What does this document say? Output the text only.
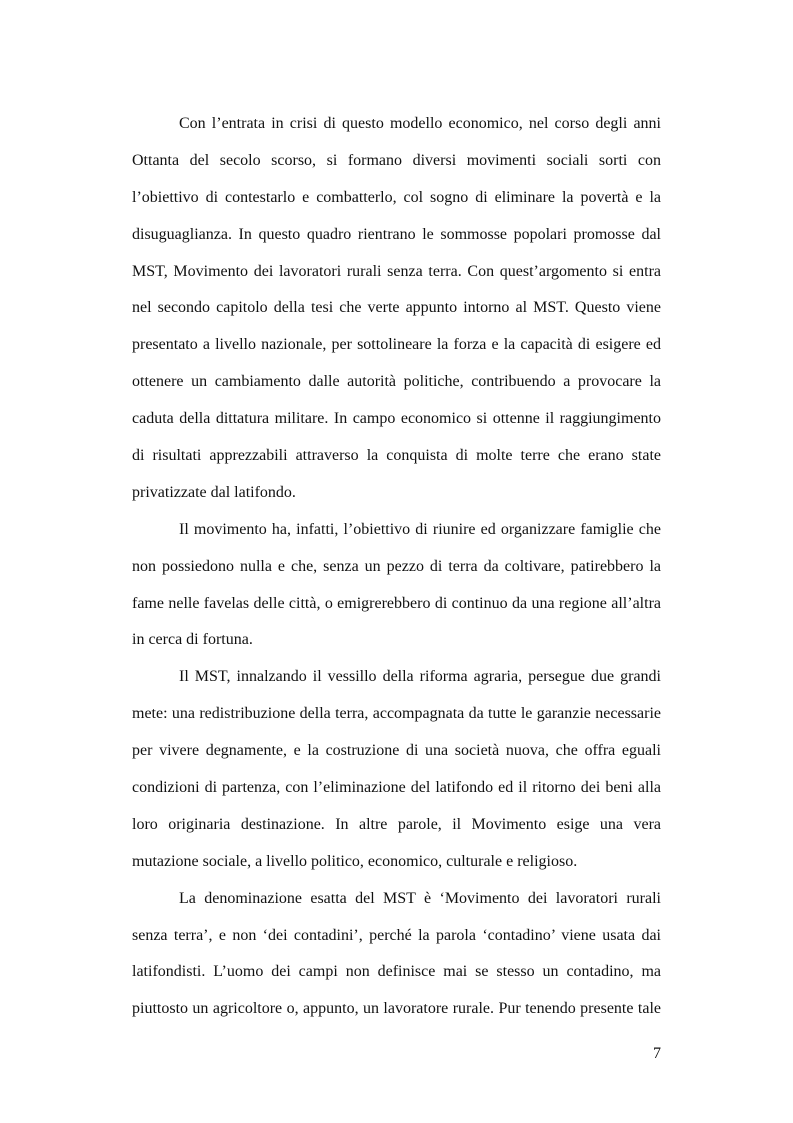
Con l’entrata in crisi di questo modello economico, nel corso degli anni
Ottanta del secolo scorso, si formano diversi movimenti sociali sorti con
l’obiettivo di contestarlo e combatterlo, col sogno di eliminare la povertà e la
disuguaglianza. In questo quadro rientrano le sommosse popolari promosse dal
MST, Movimento dei lavoratori rurali senza terra. Con quest’argomento si entra
nel secondo capitolo della tesi che verte appunto intorno al MST. Questo viene
presentato a livello nazionale, per sottolineare la forza e la capacità di esigere ed
ottenere un cambiamento dalle autorità politiche, contribuendo a provocare la
caduta della dittatura militare. In campo economico si ottenne il raggiungimento
di risultati apprezzabili attraverso la conquista di molte terre che erano state
privatizzate dal latifondo.
Il movimento ha, infatti, l’obiettivo di riunire ed organizzare famiglie che
non possiedono nulla e che, senza un pezzo di terra da coltivare, patirebbero la
fame nelle favelas delle città, o emigrerebbero di continuo da una regione all’altra
in cerca di fortuna.
Il MST, innalzando il vessillo della riforma agraria, persegue due grandi
mete: una redistribuzione della terra, accompagnata da tutte le garanzie necessarie
per vivere degnamente, e la costruzione di una società nuova, che offra eguali
condizioni di partenza, con l’eliminazione del latifondo ed il ritorno dei beni alla
loro originaria destinazione. In altre parole, il Movimento esige una vera
mutazione sociale, a livello politico, economico, culturale e religioso.
La denominazione esatta del MST è ‘Movimento dei lavoratori rurali
senza terra’, e non ‘dei contadini’, perché la parola ‘contadino’ viene usata dai
latifondisti. L’uomo dei campi non definisce mai se stesso un contadino, ma
piuttosto un agricoltore o, appunto, un lavoratore rurale. Pur tenendo presente tale
7
